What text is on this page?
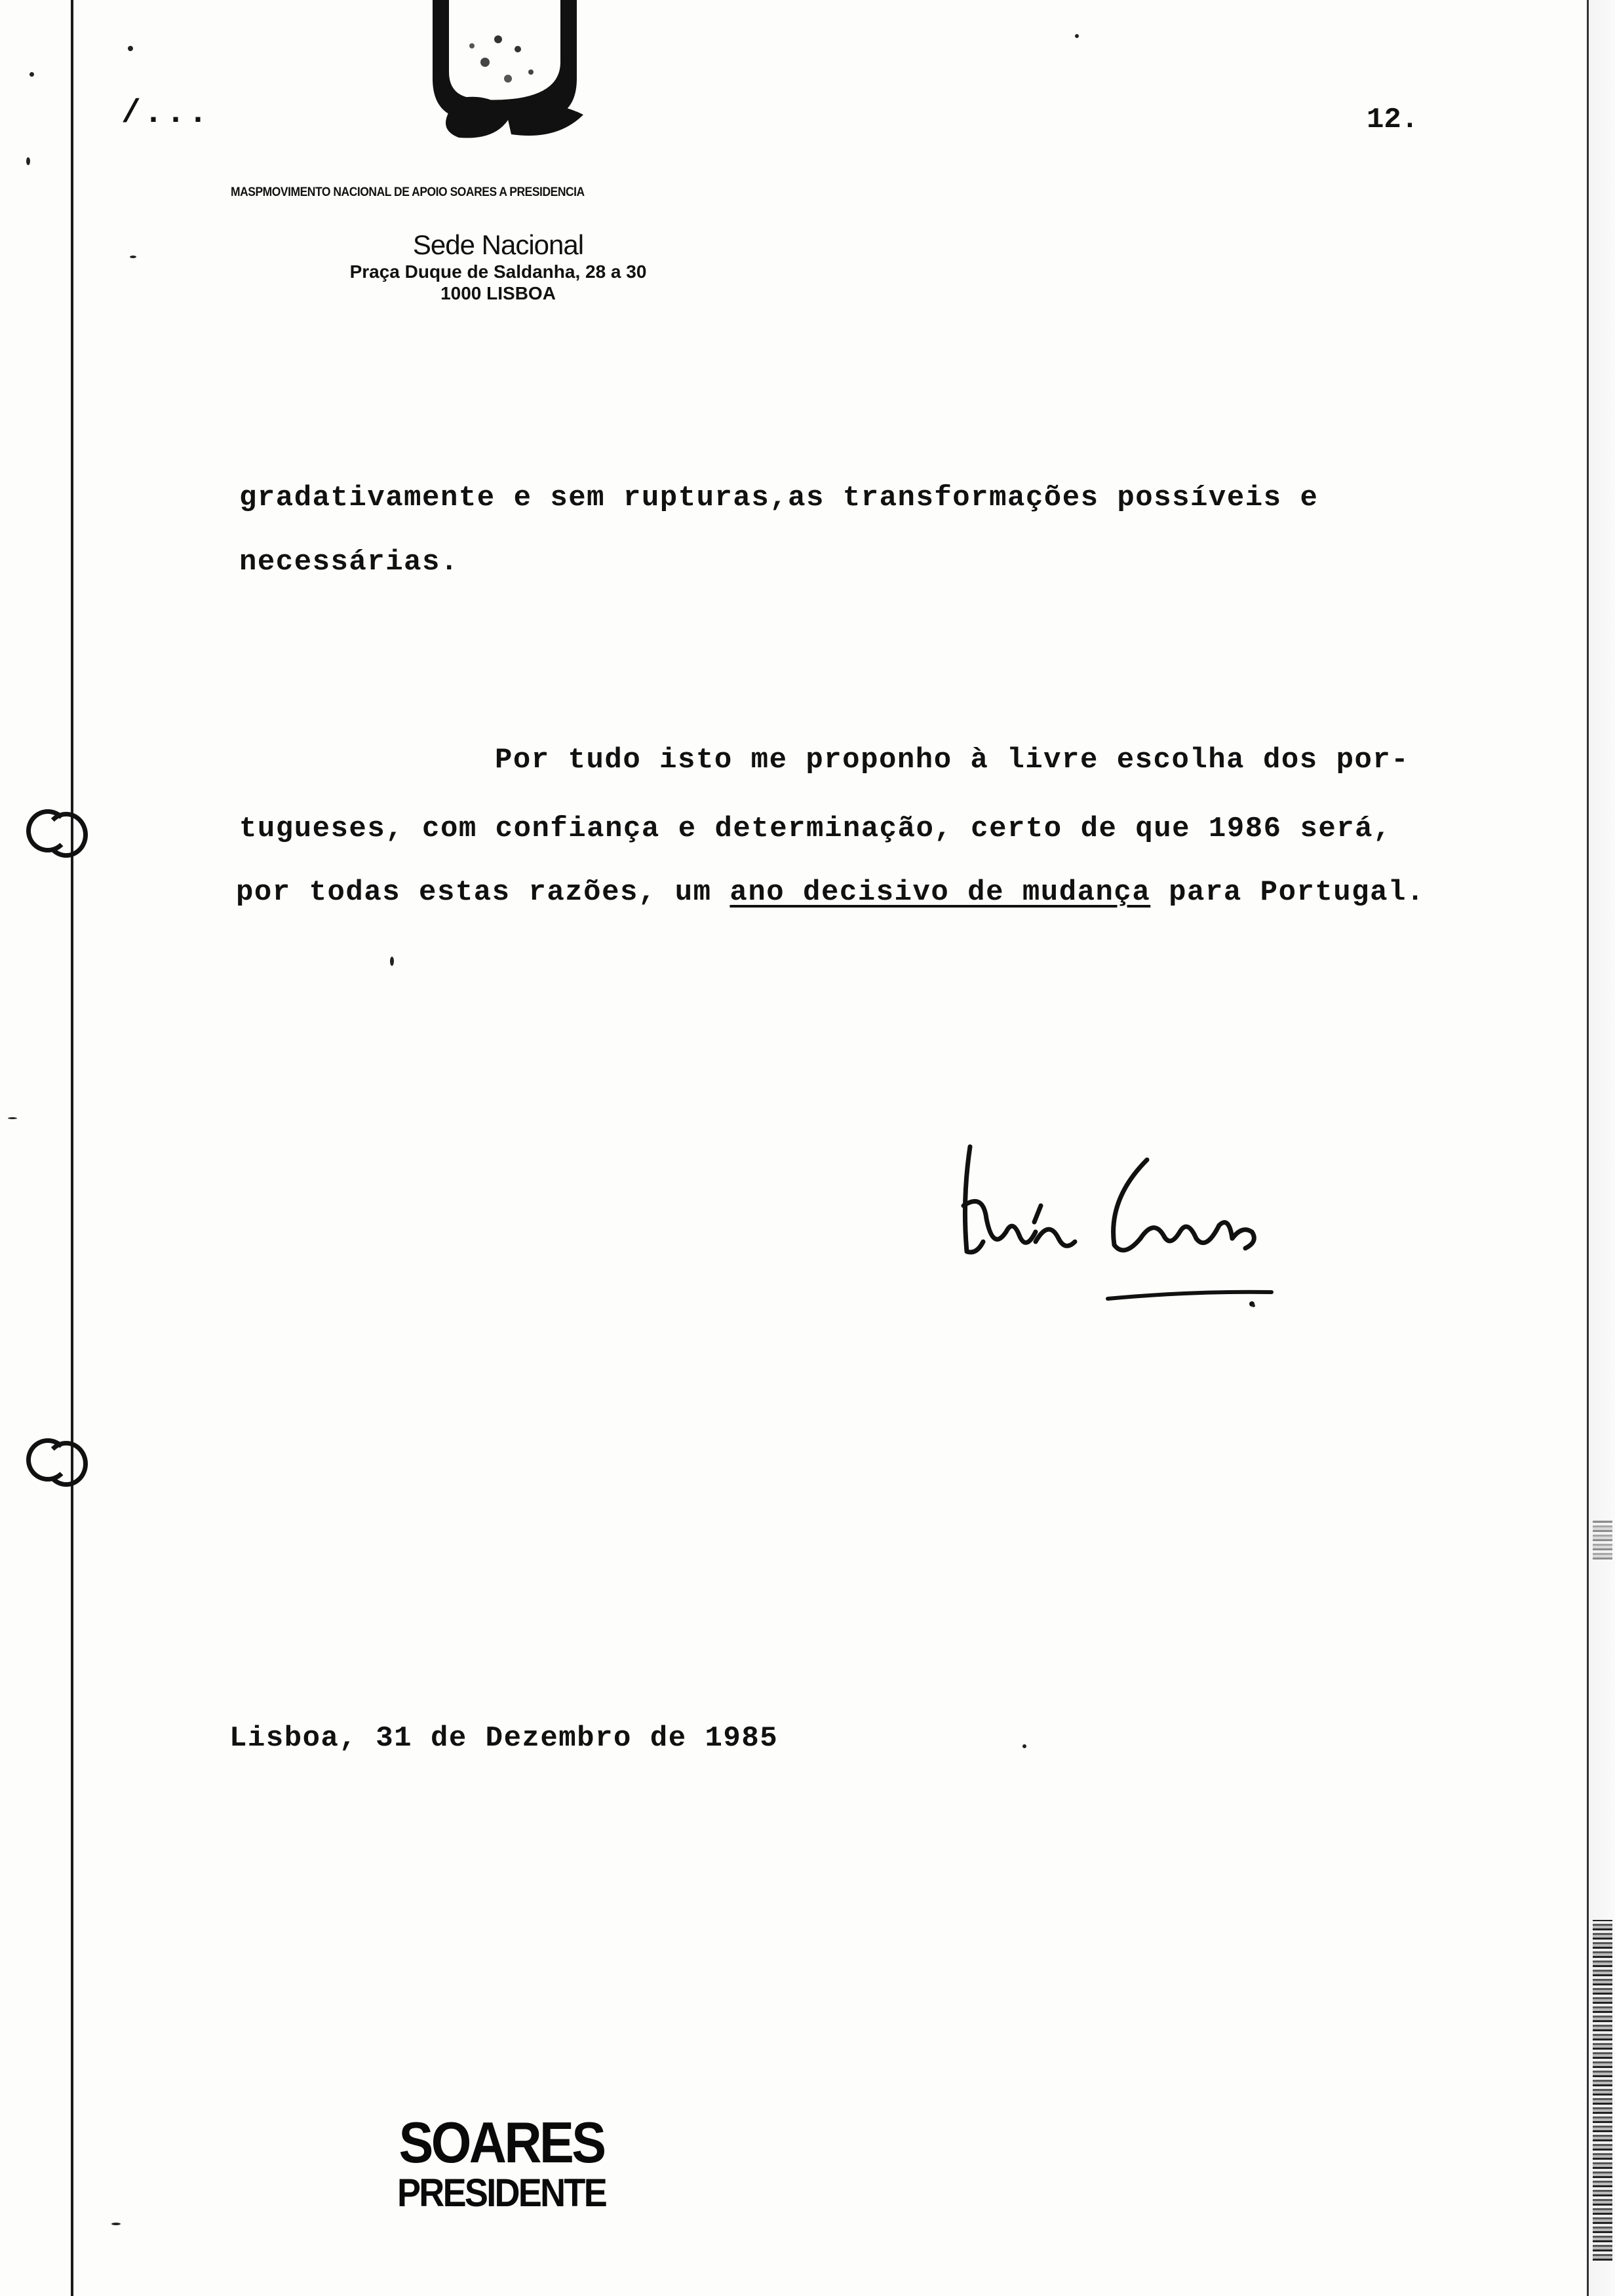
/...	12.
MASPMOVIMENTO NACIONAL DE APOIO SOARES A PRESIDENCIA
Sede Nacional
Praça Duque de Saldanha, 28 a 30
1000 LISBOA
gradativamente e sem rupturas,as transformações possíveis e
necessárias.
Por tudo isto me proponho à livre escolha dos por-
tugueses, com confiança e determinação, certo de que 1986 será,
por todas estas razões, um ano decisivo de mudança para Portugal.
Lisboa, 31 de Dezembro de 1985
SOARES
PRESIDENTE
